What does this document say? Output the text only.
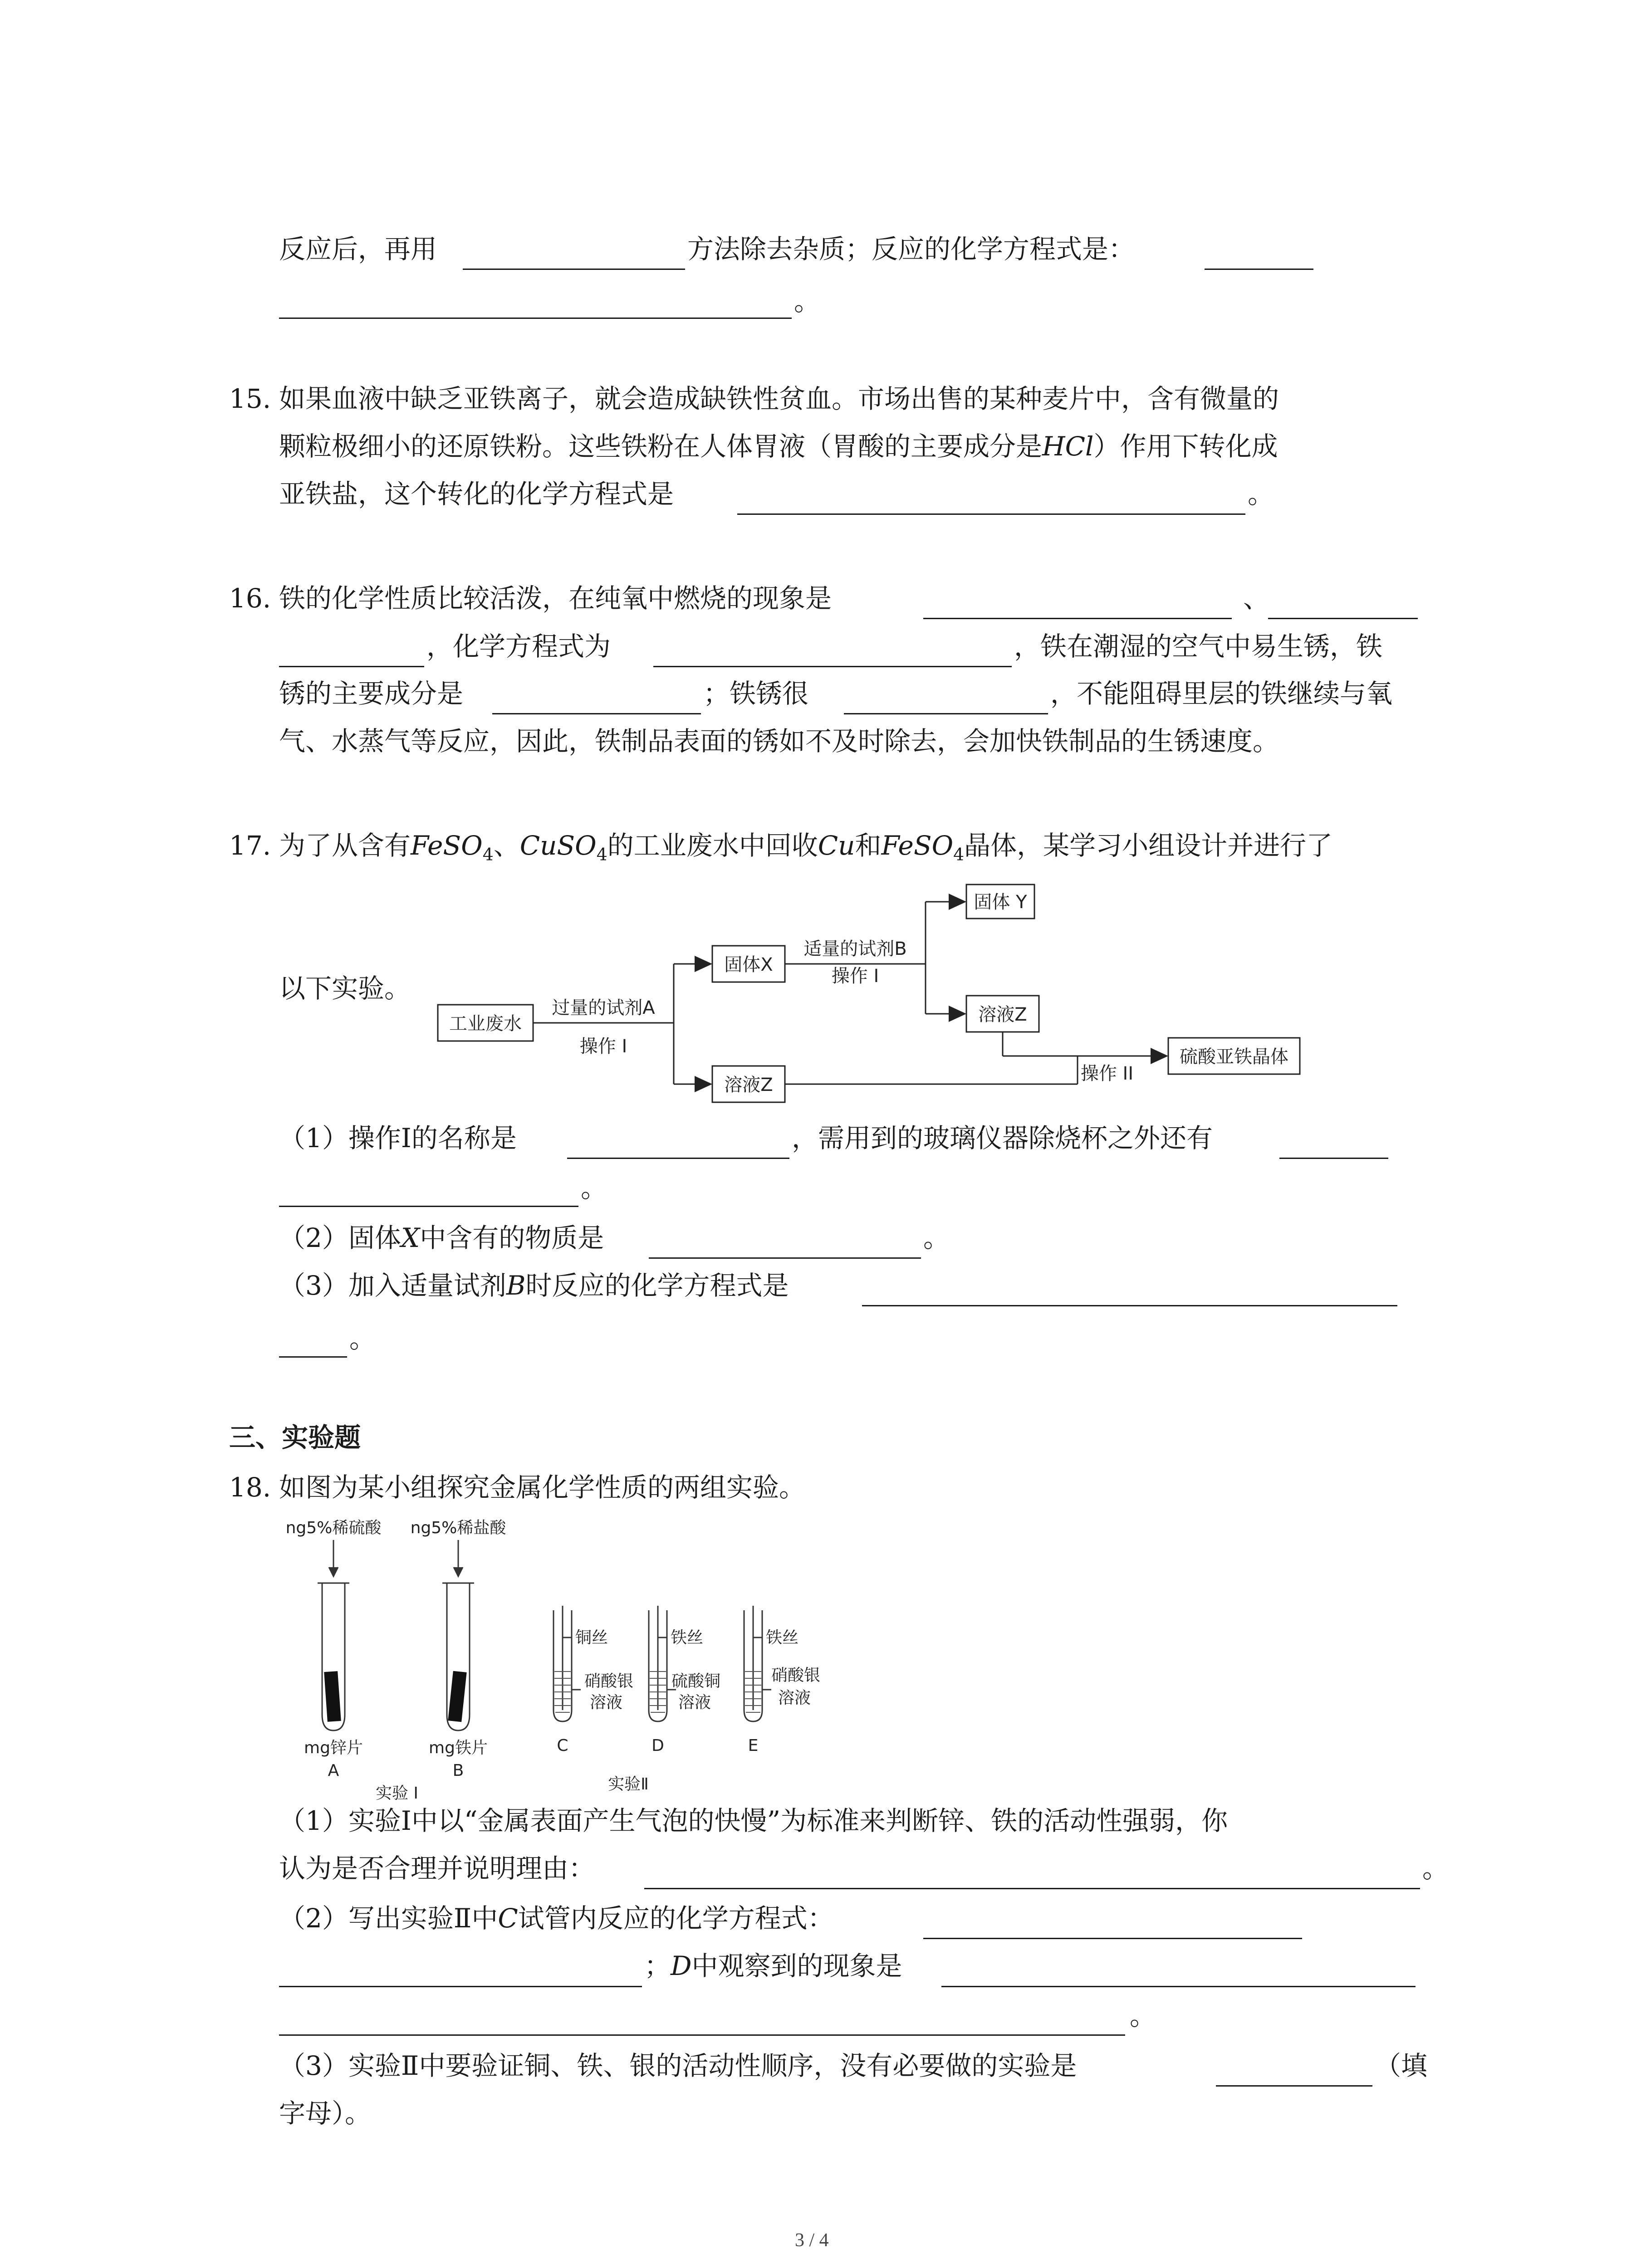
反应后，再用	方法除去杂质；反应的化学方程式是：
。
15. 如果血液中缺乏亚铁离子，就会造成缺铁性贫血。市场出售的某种麦片中，含有微量的
颗粒极细小的还原铁粉。这些铁粉在人体胃液（胃酸的主要成分是HCl）作用下转化成
亚铁盐，这个转化的化学方程式是	。
16. 铁的化学性质比较活泼，在纯氧中燃烧的现象是	、
，化学方程式为	，铁在潮湿的空气中易生锈，铁
锈的主要成分是	；铁锈很	，不能阻碍里层的铁继续与氧
气、水蒸气等反应，因此，铁制品表面的锈如不及时除去，会加快铁制品的生锈速度。
17. 为了从含有FeSO$_4$、CuSO$_4$的工业废水中回收Cu和FeSO$_4$晶体，某学习小组设计并进行了
以下实验。
工业废水
过量的试剂A
操作 I
固体X
溶液Z
适量的试剂B
操作 I
固体 Y
溶液Z
操作 II
硫酸亚铁晶体
（1）操作Ⅰ的名称是	，需用到的玻璃仪器除烧杯之外还有
。
（2）固体X中含有的物质是	。
（3）加入适量试剂B时反应的化学方程式是
。
三、实验题
18. 如图为某小组探究金属化学性质的两组实验。
ng5%稀硫酸 ng5%稀盐酸
mg锌片	mg铁片
A	B
实验 I
铜丝	铁丝	铁丝
硝酸银
溶液
硫酸铜
溶液
硝酸银
溶液
C	D	E
实验Ⅱ
（1）实验Ⅰ中以“金属表面产生气泡的快慢”为标准来判断锌、铁的活动性强弱，你
认为是否合理并说明理由：	。
（2）写出实验Ⅱ中C试管内反应的化学方程式：
；D中观察到的现象是
。
（3）实验Ⅱ中要验证铜、铁、银的活动性顺序，没有必要做的实验是	（填
字母）。
3 / 4
